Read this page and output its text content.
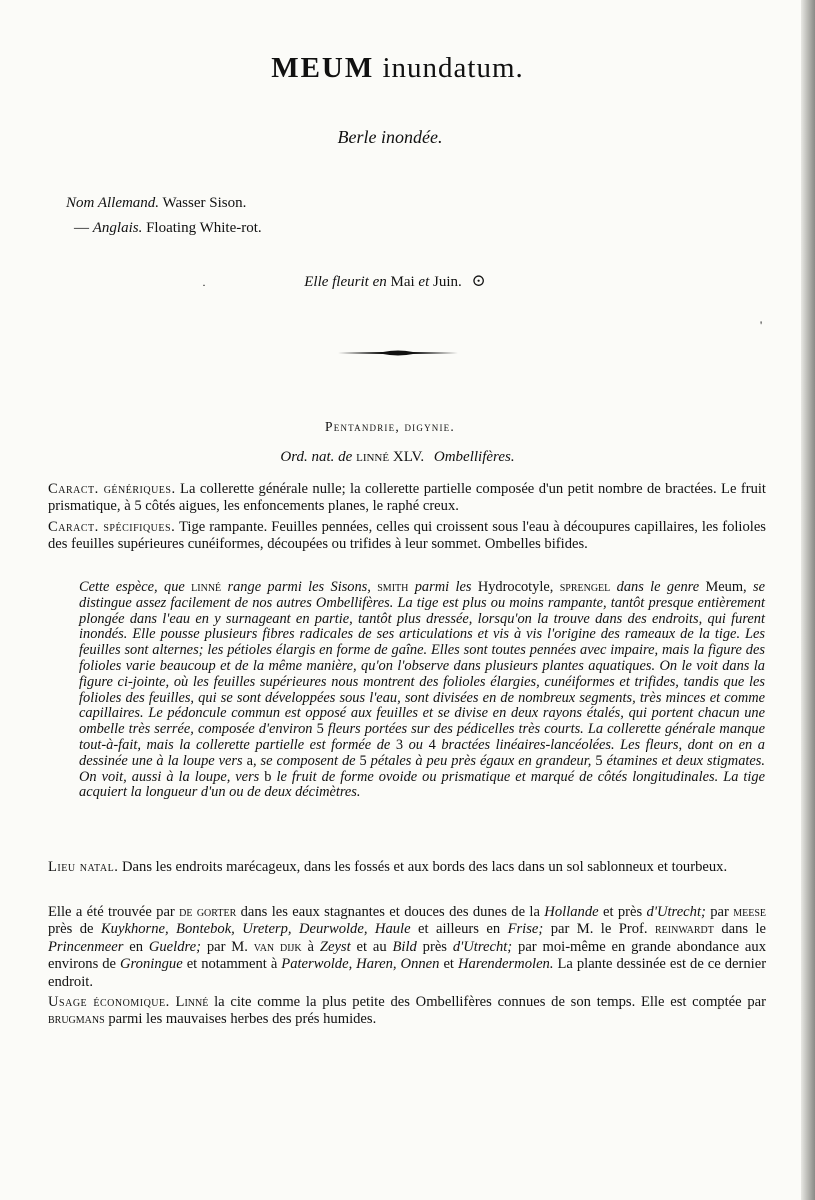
MEUM inundatum.
Berle inondée.
Nom Allemand. Wasser Sison.
— Anglais. Floating White-rot.
·	Elle fleurit en Mai et Juin. ⊙
'
Pentandrie, digynie.
Ord. nat. de linné XLV. Ombellifères.

Caract. génériques. La collerette générale nulle; la collerette partielle composée d'un petit nombre de bractées. Le fruit prismatique, à 5 côtés aigues, les enfoncements planes, le raphé creux.

Caract. spécifiques. Tige rampante. Feuilles pennées, celles qui croissent sous l'eau à découpures capillaires, les folioles des feuilles supérieures cunéiformes, découpées ou trifides à leur sommet. Ombelles bifides.

Cette espèce, que linné range parmi les Sisons, smith parmi les Hydrocotyle, sprengel dans le genre Meum, se distingue assez facilement de nos autres Ombellifères. La tige est plus ou moins rampante, tantôt presque entièrement plongée dans l'eau en y surnageant en partie, tantôt plus dressée, lorsqu'on la trouve dans des endroits, qui furent inondés. Elle pousse plusieurs fibres radicales de ses articulations et vis à vis l'origine des rameaux de la tige. Les feuilles sont alternes; les pétioles élargis en forme de gaîne. Elles sont toutes pennées avec impaire, mais la figure des folioles varie beaucoup et de la même manière, qu'on l'observe dans plusieurs plantes aquatiques. On le voit dans la figure ci-jointe, où les feuilles supérieures nous montrent des folioles élargies, cunéiformes et trifides, tandis que les folioles des feuilles, qui se sont développées sous l'eau, sont divisées en de nombreux segments, très minces et comme capillaires. Le pédoncule commun est opposé aux feuilles et se divise en deux rayons étalés, qui portent chacun une ombelle très serrée, composée d'environ 5 fleurs portées sur des pédicelles très courts. La collerette générale manque tout-à-fait, mais la collerette partielle est formée de 3 ou 4 bractées linéaires-lancéolées. Les fleurs, dont on en a dessinée une à la loupe vers a, se composent de 5 pétales à peu près égaux en grandeur, 5 étamines et deux stigmates. On voit, aussi à la loupe, vers b le fruit de forme ovoide ou prismatique et marqué de côtés longitudinales. La tige acquiert la longueur d'un ou de deux décimètres.

Lieu natal. Dans les endroits marécageux, dans les fossés et aux bords des lacs dans un sol sablonneux et tourbeux.

Elle a été trouvée par de gorter dans les eaux stagnantes et douces des dunes de la Hollande et près d'Utrecht; par meese près de Kuykhorne, Bontebok, Ureterp, Deurwolde, Haule et ailleurs en Frise; par M. le Prof. reinwardt dans le Princenmeer en Gueldre; par M. van dijk à Zeyst et au Bild près d'Utrecht; par moi-même en grande abondance aux environs de Groningue et notamment à Paterwolde, Haren, Onnen et Harendermolen. La plante dessinée est de ce dernier endroit.

Usage économique. Linné la cite comme la plus petite des Ombellifères connues de son temps. Elle est comptée par brugmans parmi les mauvaises herbes des prés humides.
